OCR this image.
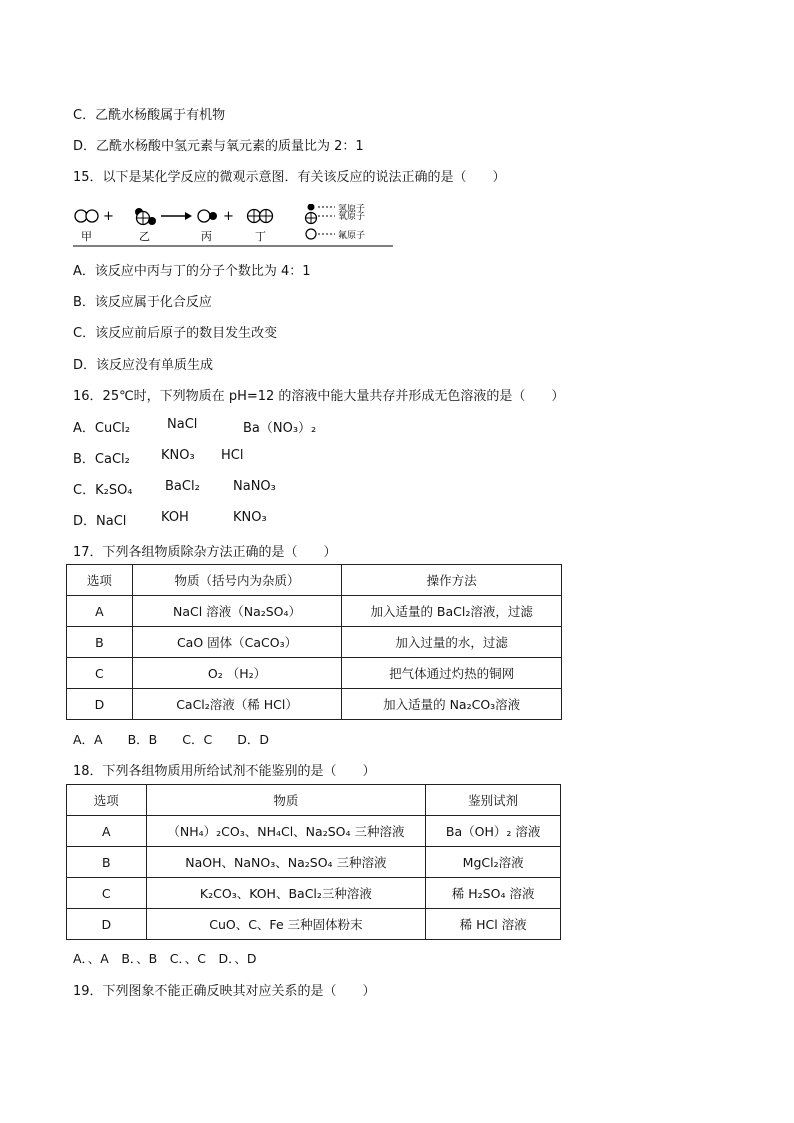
C．乙酰水杨酸属于有机物
D．乙酰水杨酸中氢元素与氧元素的质量比为 2：1
15．以下是某化学反应的微观示意图．有关该反应的说法正确的是（　　）
+	+	氢原子
氧原子
氟原子
甲	乙	丙	丁
A．该反应中丙与丁的分子个数比为 4：1
B．该反应属于化合反应
C．该反应前后原子的数目发生改变
D．该反应没有单质生成
16．25℃时，下列物质在 pH=12 的溶液中能大量共存并形成无色溶液的是（　　）
A．CuCl₂	NaCl	Ba（NO₃）₂
B．CaCl₂ KNO₃ HCl
C．K₂SO₄ BaCl₂	NaNO₃
D．NaCl	KOH	KNO₃
17．下列各组物质除杂方法正确的是（　　）
选项	物质（括号内为杂质）	操作方法
A	NaCl 溶液（Na₂SO₄）	加入适量的 BaCl₂溶液，过滤
B	CaO 固体（CaCO₃）	加入过量的水，过滤
C	O₂ （H₂）	把气体通过灼热的铜网
D	CaCl₂溶液（稀 HCl）	加入适量的 Na₂CO₃溶液
A．A　　B．B　　C．C　　D．D
18．下列各组物质用所给试剂不能鉴别的是（　　）
选项	物质	鉴别试剂
A	（NH₄）₂CO₃、NH₄Cl、Na₂SO₄ 三种溶液	Ba（OH）₂ 溶液
B	NaOH、NaNO₃、Na₂SO₄ 三种溶液	MgCl₂溶液
C	K₂CO₃、KOH、BaCl₂三种溶液	稀 H₂SO₄ 溶液
D	CuO、C、Fe 三种固体粉末	稀 HCl 溶液
A．、A　B．、B　C．、C　D．、D
19．下列图象不能正确反映其对应关系的是（　　）
